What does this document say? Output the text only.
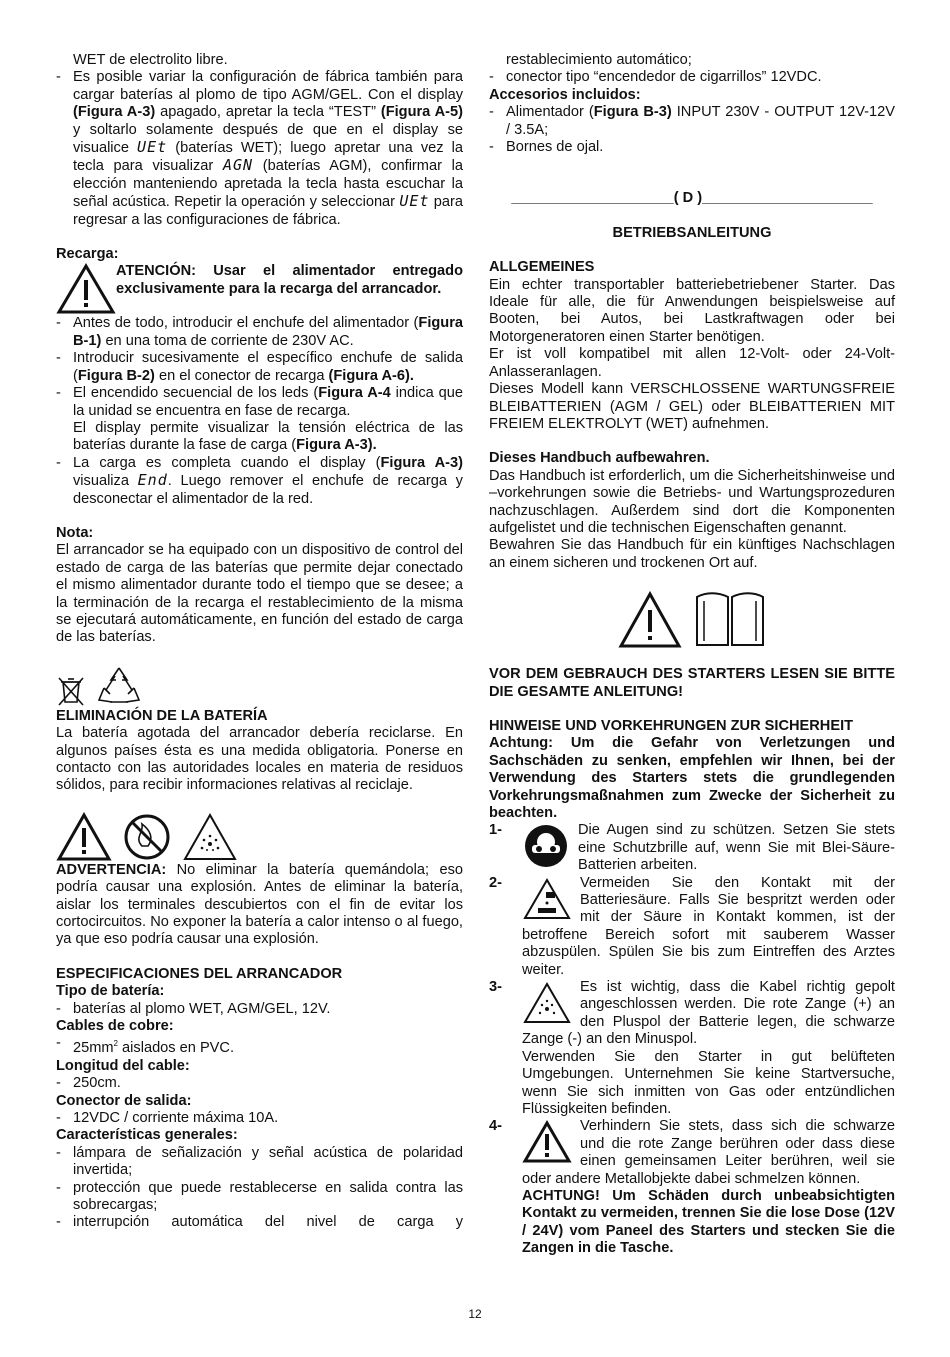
WET de electrolito libre.

- Es posible variar la configuración de fábrica también para cargar baterías al plomo de tipo AGM/GEL. Con el display (Figura A-3) apagado, apretar la tecla “TEST” (Figura A-5) y soltarlo solamente después de que en el display se visualice UEt (baterías WET); luego apretar una vez la tecla para visualizar AGN (baterías AGM), confirmar la elección manteniendo apretada la tecla hasta escuchar la señal acústica. Repetir la operación y seleccionar UEt para regresar a las configuraciones de fábrica.

Recarga:

ATENCIÓN: Usar el alimentador entregado exclusivamente para la recarga del arrancador.

- Antes de todo, introducir el enchufe del alimentador (Figura B-1) en una toma de corriente de 230V AC.
- Introducir sucesivamente el específico enchufe de salida (Figura B-2) en el conector de recarga (Figura A-6).
- El encendido secuencial de los leds (Figura A-4 indica que la unidad se encuentra en fase de recarga.
El display permite visualizar la tensión eléctrica de las baterías durante la fase de carga (Figura A-3).
- La carga es completa cuando el display (Figura A-3) visualiza End. Luego remover el enchufe de recarga y desconectar el alimentador de la red.

Nota:

El arrancador se ha equipado con un dispositivo de control del estado de carga de las baterías que permite dejar conectado el mismo alimentador durante todo el tiempo que se desee; a la terminación de la recarga el restablecimiento de la misma se ejecutará automáticamente, en función del estado de carga de las baterías.

ELIMINACIÓN DE LA BATERÍA

La batería agotada del arrancador debería reciclarse. En algunos países ésta es una medida obligatoria. Ponerse en contacto con las autoridades locales en materia de residuos sólidos, para recibir informaciones relativas al reciclaje.

ADVERTENCIA: No eliminar la batería quemándola; eso podría causar una explosión. Antes de eliminar la batería, aislar los terminales descubiertos con el fin de evitar los cortocircuitos. No exponer la batería a calor intenso o al fuego, ya que eso podría causar una explosión.

ESPECIFICACIONES DEL ARRANCADOR

Tipo de batería:

- baterías al plomo WET, AGM/GEL, 12V.

Cables de cobre:

- $25mm^2$ aislados en PVC.

Longitud del cable:

- 250cm.

Conector de salida:

- 12VDC / corriente máxima 10A.

Características generales:

- lámpara de señalización y señal acústica de polaridad invertida;
- protección que puede restablecerse en salida contra las sobrecargas;
- interrupción automática del nivel de carga y

restablecimiento automático;

- conector tipo “encendedor de cigarrillos” 12VDC.

Accesorios incluidos:

- Alimentador (Figura B-3) INPUT 230V - OUTPUT 12V-12V / 3.5A;
- Bornes de ojal.

____________________( D )_____________________

BETRIEBSANLEITUNG

ALLGEMEINES

Ein echter transportabler batteriebetriebener Starter. Das Ideale für alle, die für Anwendungen beispielsweise auf Booten, bei Autos, bei Lastkraftwagen oder bei Motorgeneratoren einen Starter benötigen.

Er ist voll kompatibel mit allen 12-Volt- oder 24-Volt-Anlasseranlagen.

Dieses Modell kann VERSCHLOSSENE WARTUNGSFREIE BLEIBATTERIEN (AGM / GEL) oder BLEIBATTERIEN MIT FREIEM ELEKTROLYT (WET) aufnehmen.

Dieses Handbuch aufbewahren.

Das Handbuch ist erforderlich, um die Sicherheitshinweise und –vorkehrungen sowie die Betriebs- und Wartungsprozeduren nachzuschlagen. Außerdem sind dort die Komponenten aufgelistet und die technischen Eigenschaften genannt.

Bewahren Sie das Handbuch für ein künftiges Nachschlagen an einem sicheren und trockenen Ort auf.

VOR DEM GEBRAUCH DES STARTERS LESEN SIE BITTE DIE GESAMTE ANLEITUNG!

HINWEISE UND VORKEHRUNGEN ZUR SICHERHEIT

Achtung: Um die Gefahr von Verletzungen und Sachschäden zu senken, empfehlen wir Ihnen, bei der Verwendung des Starters stets die grundlegenden Vorkehrungsmaßnahmen zum Zwecke der Sicherheit zu beachten.

1-	Die Augen sind zu schützen. Setzen Sie stets eine Schutzbrille auf, wenn Sie mit Blei-Säure-Batterien arbeiten.
2-	Vermeiden Sie den Kontakt mit der Batteriesäure. Falls Sie bespritzt werden oder mit der Säure in Kontakt kommen, ist der betroffene Bereich sofort mit sauberem Wasser abzuspülen. Spülen Sie bis zum Eintreffen des Arztes weiter.
3-	Es ist wichtig, dass die Kabel richtig gepolt angeschlossen werden. Die rote Zange (+) an den Pluspol der Batterie legen, die schwarze Zange (-) an den Minuspol.
Verwenden Sie den Starter in gut belüfteten Umgebungen. Unternehmen Sie keine Startversuche, wenn Sie sich inmitten von Gas oder entzündlichen Flüssigkeiten befinden.
4-	Verhindern Sie stets, dass sich die schwarze und die rote Zange berühren oder dass diese einen gemeinsamen Leiter berühren, weil sie oder andere Metallobjekte dabei schmelzen können.
ACHTUNG! Um Schäden durch unbeabsichtigten Kontakt zu vermeiden, trennen Sie die lose Dose (12V / 24V) vom Paneel des Starters und stecken Sie die Zangen in die Tasche.
12
